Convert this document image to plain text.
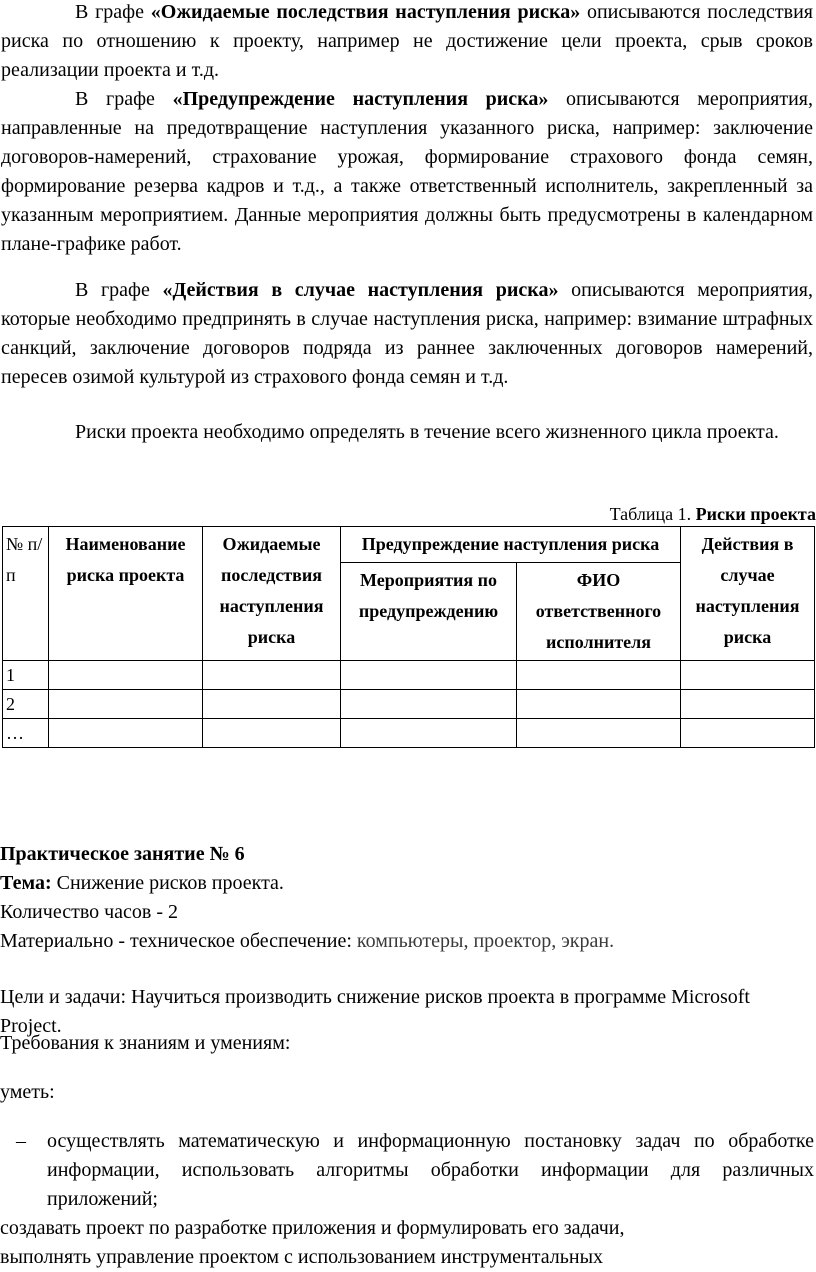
В графе «Ожидаемые последствия наступления риска» описываются последствия риска по отношению к проекту, например не достижение цели проекта, срыв сроков реализации проекта и т.д.

В графе «Предупреждение наступления риска» описываются мероприятия, направленные на предотвращение наступления указанного риска, например: заключение договоров-намерений, страхование урожая, формирование страхового фонда семян, формирование резерва кадров и т.д., а также ответственный исполнитель, закрепленный за указанным мероприятием. Данные мероприятия должны быть предусмотрены в календарном плане-графике работ.

В графе «Действия в случае наступления риска» описываются мероприятия, которые необходимо предпринять в случае наступления риска, например: взимание штрафных санкций, заключение договоров подряда из раннее заключенных договоров намерений, пересев озимой культурой из страхового фонда семян и т.д.

Риски проекта необходимо определять в течение всего жизненного цикла проекта.

Таблица 1. Риски проекта
№ п/п	Наименование риска проекта	Ожидаемые последствия наступления риска	Предупреждение наступления риска		Действия в случае наступления риска
			Мероприятия по предупреждению	ФИО ответственного исполнителя	
1					
2					
…					

Практическое занятие № 6

Тема: Снижение рисков проекта.

Количество часов - 2

Материально - техническое обеспечение: компьютеры, проектор, экран.

Цели и задачи: Научиться производить снижение рисков проекта в программе Microsoft Project.

Требования к знаниям и умениям:

уметь:

– осуществлять математическую и информационную постановку задач по обработке информации, использовать алгоритмы обработки информации для различных приложений;

создавать проект по разработке приложения и формулировать его задачи,

выполнять управление проектом с использованием инструментальных
